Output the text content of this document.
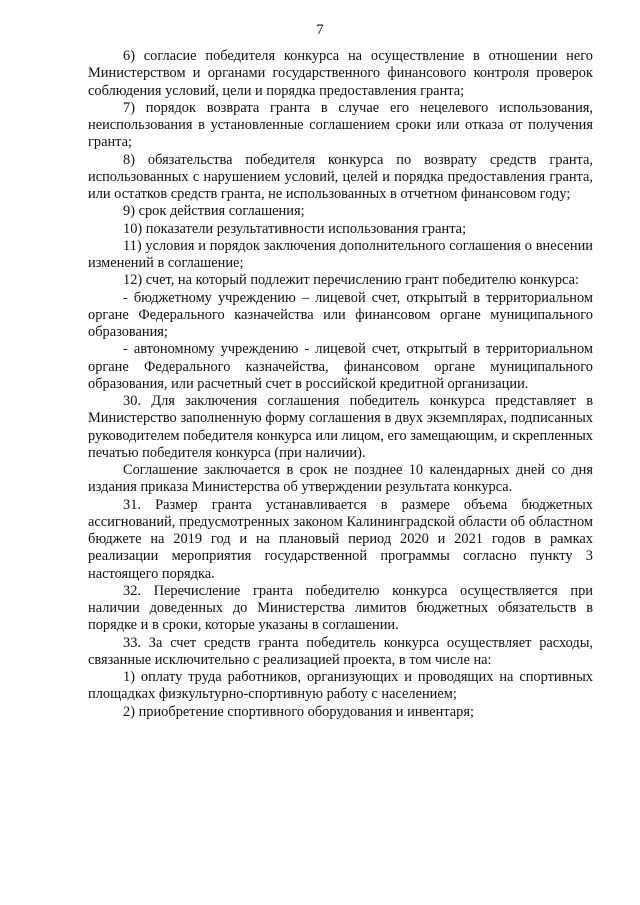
7

6) согласие победителя конкурса на осуществление в отношении него Министерством и органами государственного финансового контроля проверок соблюдения условий, цели и порядка предоставления гранта;

7) порядок возврата гранта в случае его нецелевого использования, неиспользования в установленные соглашением сроки или отказа от получения гранта;

8) обязательства победителя конкурса по возврату средств гранта, использованных с нарушением условий, целей и порядка предоставления гранта, или остатков средств гранта, не использованных в отчетном финансовом году;

9) срок действия соглашения;

10) показатели результативности использования гранта;

11) условия и порядок заключения дополнительного соглашения о внесении изменений в соглашение;

12) счет, на который подлежит перечислению грант победителю конкурса:

- бюджетному учреждению – лицевой счет, открытый в территориальном органе Федерального казначейства или финансовом органе муниципального образования;

- автономному учреждению - лицевой счет, открытый в территориальном органе Федерального казначейства, финансовом органе муниципального образования, или расчетный счет в российской кредитной организации.

30. Для заключения соглашения победитель конкурса представляет в Министерство заполненную форму соглашения в двух экземплярах, подписанных руководителем победителя конкурса или лицом, его замещающим, и скрепленных печатью победителя конкурса (при наличии).

Соглашение заключается в срок не позднее 10 календарных дней со дня издания приказа Министерства об утверждении результата конкурса.

31. Размер гранта устанавливается в размере объема бюджетных ассигнований, предусмотренных законом Калининградской области об областном бюджете на 2019 год и на плановый период 2020 и 2021 годов в рамках реализации мероприятия государственной программы согласно пункту 3 настоящего порядка.

32. Перечисление гранта победителю конкурса осуществляется при наличии доведенных до Министерства лимитов бюджетных обязательств в порядке и в сроки, которые указаны в соглашении.

33. За счет средств гранта победитель конкурса осуществляет расходы, связанные исключительно с реализацией проекта, в том числе на:

1) оплату труда работников, организующих и проводящих на спортивных площадках физкультурно-спортивную работу с населением;

2) приобретение спортивного оборудования и инвентаря;
